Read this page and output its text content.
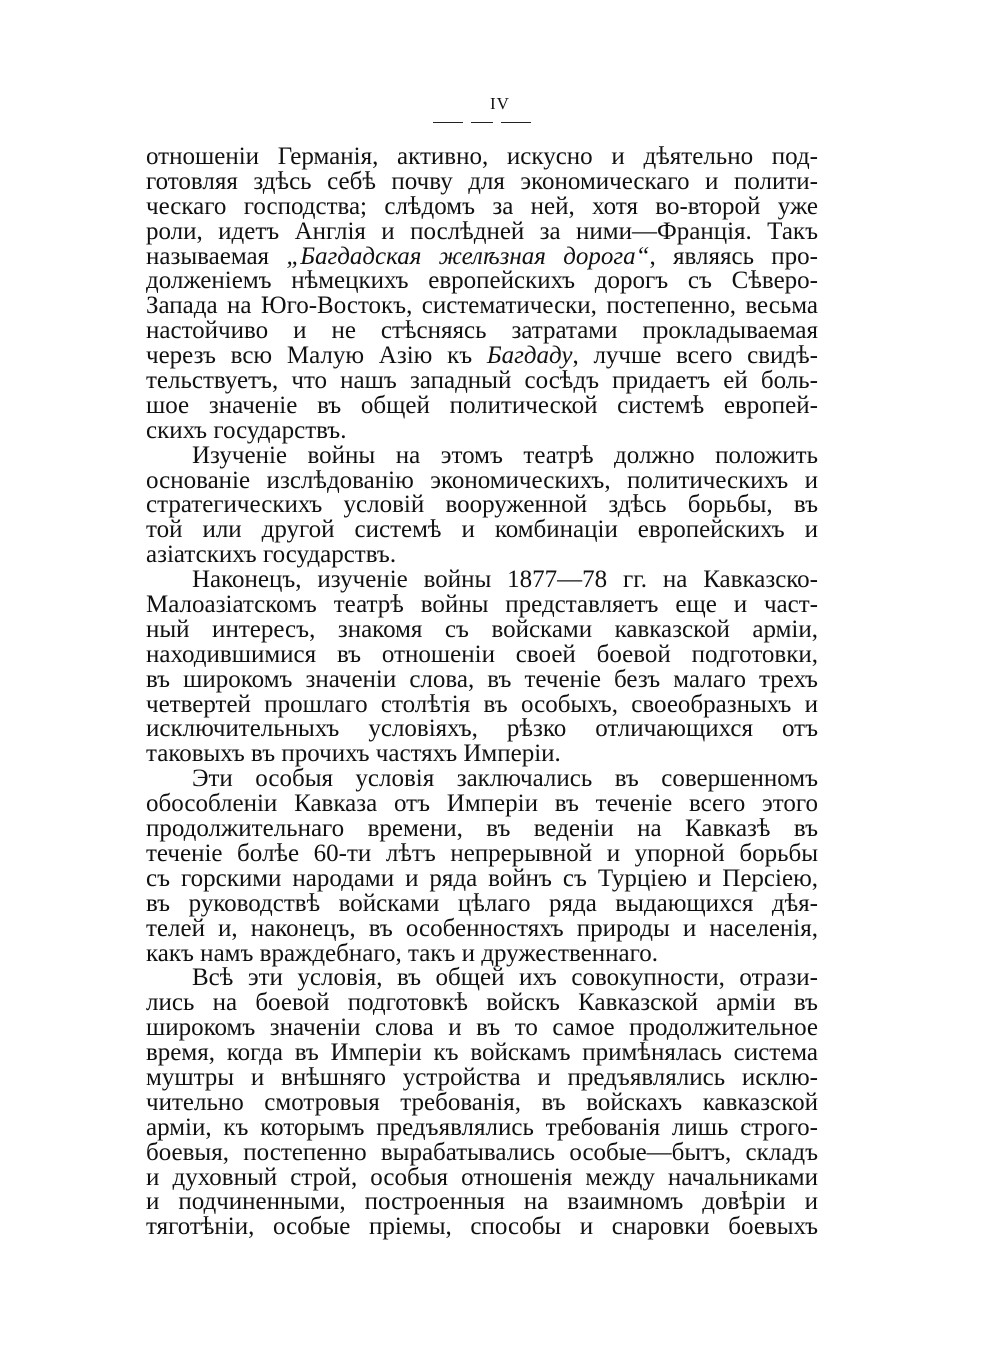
IV
отношенiи Германiя, активно, искусно и дѣятельно под-
готовляя здѣсь себѣ почву для экономическаго и полити-
ческаго господства; слѣдомъ за ней, хотя во-второй уже
роли, идетъ Англiя и послѣдней за ними—Францiя. Такъ
называемая „Багдадская желѣзная дорога“, являясь про-
долженiемъ нѣмецкихъ европейскихъ дорогъ съ Сѣверо-
Запада на Юго-Востокъ, систематически, постепенно, весьма
настойчиво и не стѣсняясь затратами прокладываемая
черезъ всю Малую Азiю къ Багдаду, лучше всего свидѣ-
тельствуетъ, что нашъ западный сосѣдъ придаетъ ей боль-
шое значенiе въ общей политической системѣ европей-
скихъ государствъ.
Изученiе войны на этомъ театрѣ должно положить
основанiе изслѣдованiю экономическихъ, политическихъ и
стратегическихъ условiй вооруженной здѣсь борьбы, въ
той или другой системѣ и комбинацiи европейскихъ и
азiатскихъ государствъ.
Наконецъ, изученiе войны 1877—78 гг. на Кавказско-
Малоазiатскомъ театрѣ войны представляетъ еще и част-
ный интересъ, знакомя съ войсками кавказской армiи,
находившимися въ отношенiи своей боевой подготовки,
въ широкомъ значенiи слова, въ теченiе безъ малаго трехъ
четвертей прошлаго столѣтiя въ особыхъ, своеобразныхъ и
исключительныхъ условiяхъ, рѣзко отличающихся отъ
таковыхъ въ прочихъ частяхъ Имперiи.
Эти особыя условiя заключались въ совершенномъ
обособленiи Кавказа отъ Имперiи въ теченiе всего этого
продолжительнаго времени, въ веденiи на Кавказѣ въ
теченiе болѣе 60-ти лѣтъ непрерывной и упорной борьбы
съ горскими народами и ряда войнъ съ Турцiею и Персiею,
въ руководствѣ войсками цѣлаго ряда выдающихся дѣя-
телей и, наконецъ, въ особенностяхъ природы и населенiя,
какъ намъ враждебнаго, такъ и дружественнаго.
Всѣ эти условiя, въ общей ихъ совокупности, отрази-
лись на боевой подготовкѣ войскъ Кавказской армiи въ
широкомъ значенiи слова и въ то самое продолжительное
время, когда въ Имперiи къ войскамъ примѣнялась система
муштры и внѣшняго устройства и предъявлялись исклю-
чительно смотровыя требованiя, въ войскахъ кавказской
армiи, къ которымъ предъявлялись требованiя лишь строго-
боевыя, постепенно вырабатывались особые—бытъ, складъ
и духовный строй, особыя отношенiя между начальниками
и подчиненными, построенныя на взаимномъ довѣрiи и
тяготѣнiи, особые прiемы, способы и снаровки боевыхъ
